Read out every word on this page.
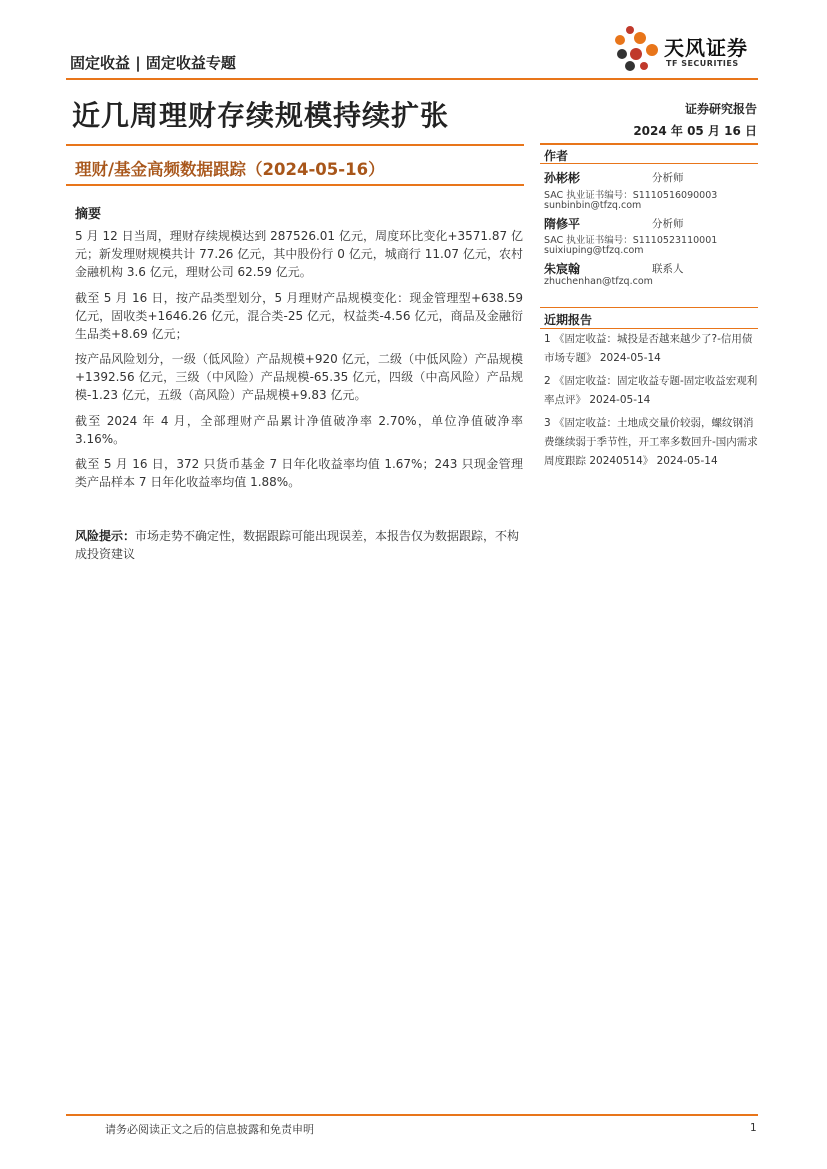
固定收益 | 固定收益专题
天风证券
TF SECURITIES
近几周理财存续规模持续扩张	证券研究报告
2024 年 05 月 16 日
理财/基金高频数据跟踪（2024-05-16）
摘要
5 月 12 日当周，理财存续规模达到 287526.01 亿元，周度环比变化+3571.87 亿元；新发理财规模共计 77.26 亿元，其中股份行 0 亿元，城商行 11.07 亿元，农村金融机构 3.6 亿元，理财公司 62.59 亿元。
截至 5 月 16 日，按产品类型划分，5 月理财产品规模变化：现金管理型+638.59 亿元，固收类+1646.26 亿元，混合类-25 亿元，权益类-4.56 亿元，商品及金融衍生品类+8.69 亿元；
按产品风险划分，一级（低风险）产品规模+920 亿元，二级（中低风险）产品规模+1392.56 亿元，三级（中风险）产品规模-65.35 亿元，四级（中高风险）产品规模-1.23 亿元，五级（高风险）产品规模+9.83 亿元。
截至 2024 年 4 月，全部理财产品累计净值破净率 2.70%，单位净值破净率 3.16%。
截至 5 月 16 日，372 只货币基金 7 日年化收益率均值 1.67%；243 只现金管理类产品样本 7 日年化收益率均值 1.88%。
风险提示：市场走势不确定性，数据跟踪可能出现误差，本报告仅为数据跟踪，不构成投资建议
作者
孙彬彬	分析师
SAC 执业证书编号：S1110516090003
sunbinbin@tfzq.com
隋修平	分析师
SAC 执业证书编号：S1110523110001
suixiuping@tfzq.com
朱宸翰	联系人
zhuchenhan@tfzq.com
近期报告
1 《固定收益：城投是否越来越少了?-信用债市场专题》 2024-05-14
2 《固定收益：固定收益专题-固定收益宏观利率点评》 2024-05-14
3 《固定收益：土地成交量价较弱，螺纹钢消费继续弱于季节性，开工率多数回升-国内需求周度跟踪 20240514》 2024-05-14
请务必阅读正文之后的信息披露和免责申明	1
